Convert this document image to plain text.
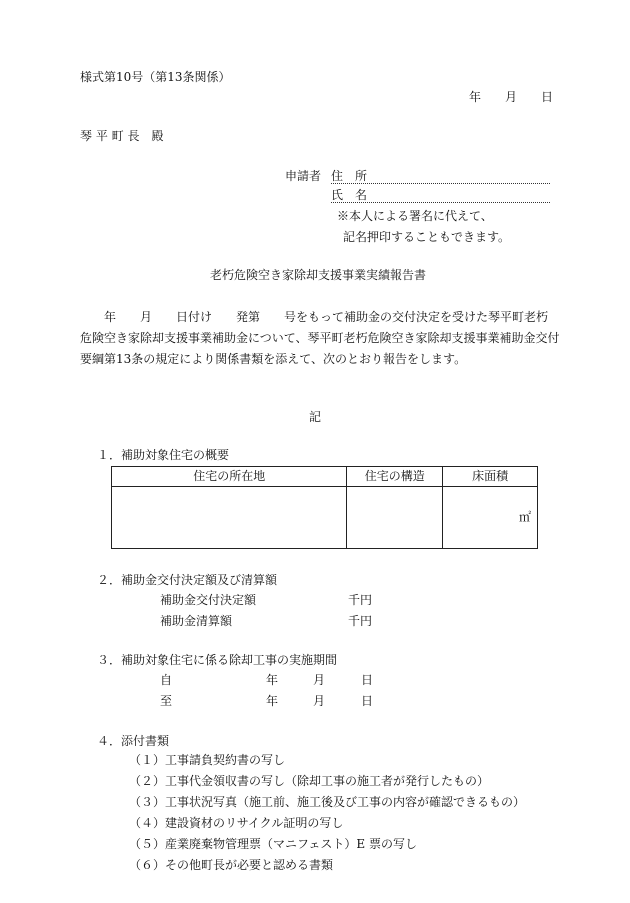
様式第10号（第13条関係）
年 月 日
琴 平 町 長　殿
申請者 住　所
氏　名
※本人による署名に代えて、
記名押印することもできます。
老朽危険空き家除却支援事業実績報告書

　　年　　月　　日付け　　発第　　号をもって補助金の交付決定を受けた琴平町老朽

危険空き家除却支援事業補助金について、琴平町老朽危険空き家除却支援事業補助金交付

要綱第13条の規定により関係書類を添えて、次のとおり報告をします。

記
１．補助対象住宅の概要
住宅の所在地	住宅の構造	床面積
		㎡
２．補助金交付決定額及び清算額
補助金交付決定額	千円
補助金清算額	千円
３．補助対象住宅に係る除却工事の実施期間
自	年	月	日
至	年	月	日
４．添付書類
（１）工事請負契約書の写し
（２）工事代金領収書の写し（除却工事の施工者が発行したもの）
（３）工事状況写真（施工前、施工後及び工事の内容が確認できるもの）
（４）建設資材のリサイクル証明の写し
（５）産業廃棄物管理票（マニフェスト）E 票の写し
（６）その他町長が必要と認める書類
